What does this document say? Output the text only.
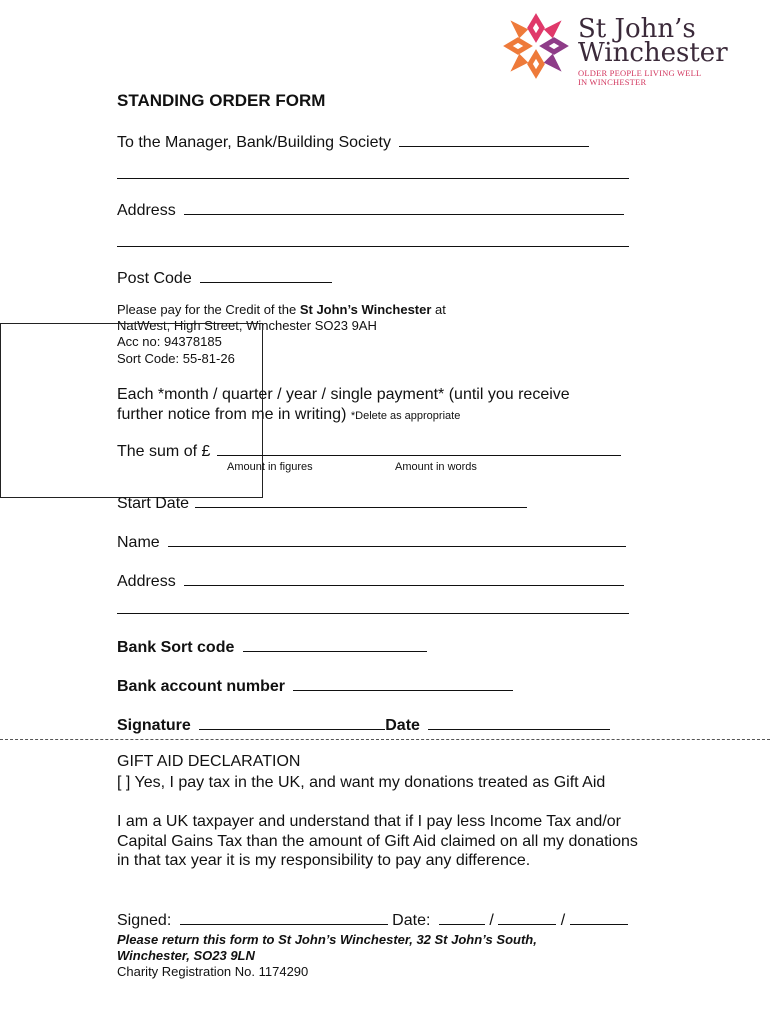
St John’s
Winchester
OLDER PEOPLE LIVING WELL
IN WINCHESTER
STANDING ORDER FORM
To the Manager, Bank/Building Society
Address
Post Code
Please pay for the Credit of the St John’s Winchester at
NatWest, High Street, Winchester SO23 9AH
Acc no: 94378185
Sort Code: 55-81-26
Each *month / quarter / year / single payment* (until you receive
further notice from me in writing) *Delete as appropriate
The sum of £
Amount in figures	Amount in words
Start Date
Name
Address
Bank Sort code
Bank account number
Signature	Date
GIFT AID DECLARATION
[ ] Yes, I pay tax in the UK, and want my donations treated as Gift Aid
I am a UK taxpayer and understand that if I pay less Income Tax and/or Capital Gains Tax than the amount of Gift Aid claimed on all my donations in that tax year it is my responsibility to pay any difference.
Signed:	Date:	/	/
Please return this form to St John’s Winchester, 32 St John’s South,
Winchester, SO23 9LN
Charity Registration No. 1174290
